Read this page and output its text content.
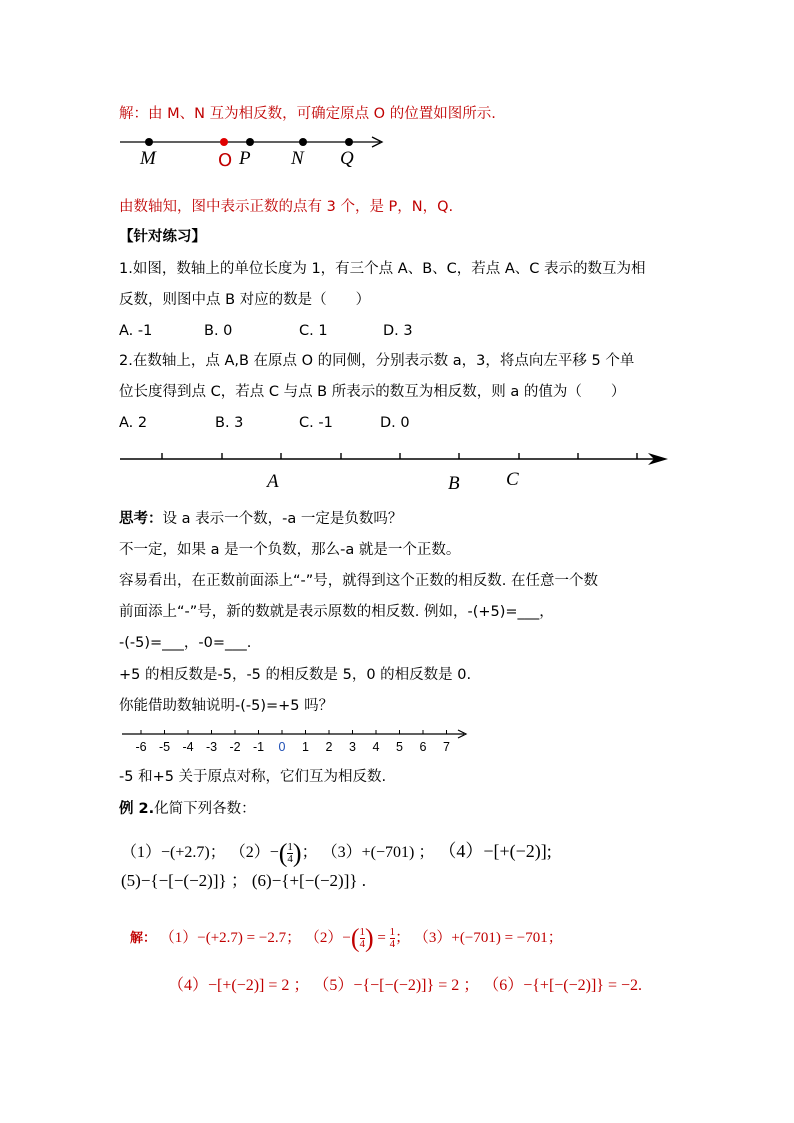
解：由 M、N 互为相反数，可确定原点 O 的位置如图所示.
M	O P N Q
由数轴知，图中表示正数的点有 3 个，是 P，N，Q.
【针对练习】
1.如图，数轴上的单位长度为 1，有三个点 A、B、C，若点 A、C 表示的数互为相
反数，则图中点 B 对应的数是（　　）
A. -1	B. 0	C. 1	D. 3
2.在数轴上，点 A,B 在原点 O 的同侧，分别表示数 a，3，将点向左平移 5 个单
位长度得到点 C，若点 C 与点 B 所表示的数互为相反数，则 a 的值为（　　）
A. 2	B. 3	C. -1	D. 0
A	B C
思考：设 a 表示一个数，-a 一定是负数吗？
不一定，如果 a 是一个负数，那么-a 就是一个正数。
容易看出，在正数前面添上“-”号，就得到这个正数的相反数. 在任意一个数
前面添上“-”号，新的数就是表示原数的相反数. 例如，-(+5)=___，
-(-5)=___，-0=___.
+5 的相反数是-5，-5 的相反数是 5，0 的相反数是 0.
你能借助数轴说明-(-5)=+5 吗？
-6 -5 -4 -3 -2 -1 0 1 2 3 4 5 6 7
-5 和+5 关于原点对称，它们互为相反数.
例 2.化简下列各数：
（1）−(+2.7)； $(2)-(\frac{1}{4})$； （3）+(−701) ； （4）−[+(−2)];
(5)−{−[−(−2)]} ； (6)−{+[−(−2)]} .
解： （1）−(+2.7) = −2.7； $(2)-(\frac{1}{4}) = \frac{1}{4}$； （3）+(−701) = −701；
（4）−[+(−2)] = 2 ； （5）−{−[−(−2)]} = 2 ； （6）−{+[−(−2)]} = −2.
